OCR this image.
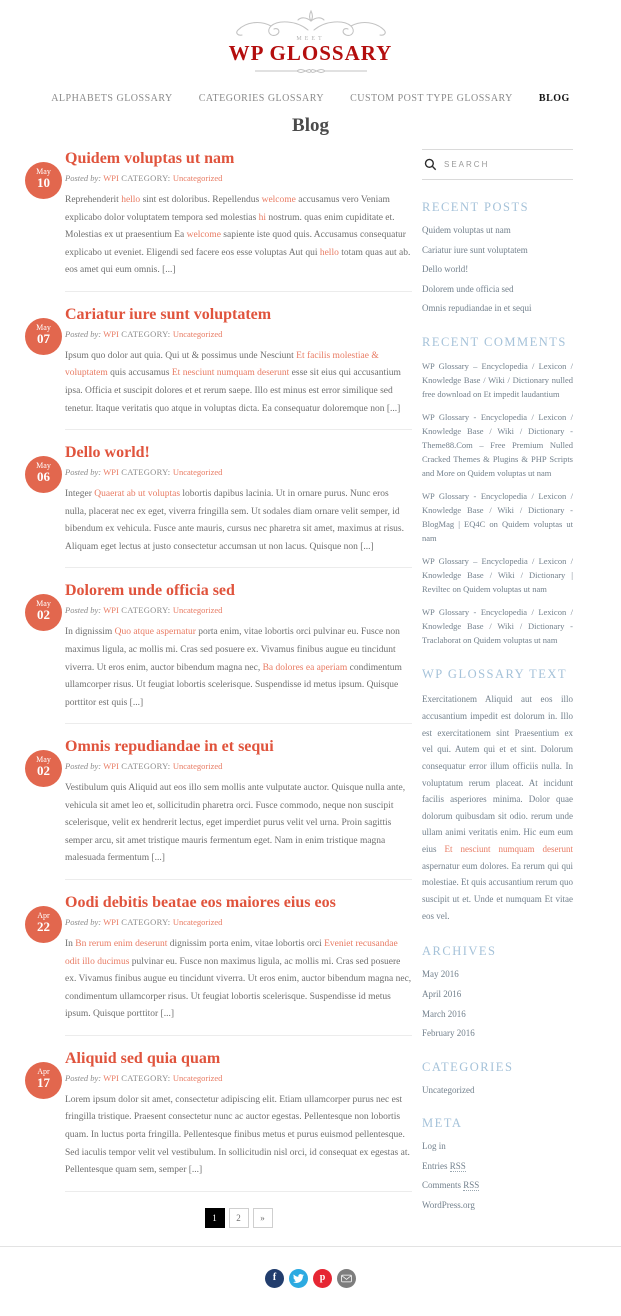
MEET
WP GLOSSARY
ALPHABETS GLOSSARY	CATEGORIES GLOSSARY	CUSTOM POST TYPE GLOSSARY	BLOG
Blog
May
10
Quidem voluptas ut nam
Posted by: WPI CATEGORY: Uncategorized
Reprehenderit hello sint est doloribus. Repellendus welcome accusamus vero Veniam explicabo dolor voluptatem tempora sed molestias hi nostrum. quas enim cupiditate et. Molestias ex ut praesentium Ea welcome sapiente iste quod quis. Accusamus consequatur explicabo ut eveniet. Eligendi sed facere eos esse voluptas Aut qui hello totam quas aut ab. eos amet qui eum omnis. [...]
May
07
Cariatur iure sunt voluptatem
Posted by: WPI CATEGORY: Uncategorized
Ipsum quo dolor aut quia. Qui ut & possimus unde Nesciunt Et facilis molestiae & voluptatem quis accusamus Et nesciunt numquam deserunt esse sit eius qui accusantium ipsa. Officia et suscipit dolores et et rerum saepe. Illo est minus est error similique sed tenetur. Itaque veritatis quo atque in voluptas dicta. Ea consequatur doloremque non [...]
May
06
Dello world!
Posted by: WPI CATEGORY: Uncategorized
Integer Quaerat ab ut voluptas lobortis dapibus lacinia. Ut in ornare purus. Nunc eros nulla, placerat nec ex eget, viverra fringilla sem. Ut sodales diam ornare velit semper, id bibendum ex vehicula. Fusce ante mauris, cursus nec pharetra sit amet, maximus at risus. Aliquam eget lectus at justo consectetur accumsan ut non lacus. Quisque non [...]
May
02
Dolorem unde officia sed
Posted by: WPI CATEGORY: Uncategorized
In dignissim Quo atque aspernatur porta enim, vitae lobortis orci pulvinar eu. Fusce non maximus ligula, ac mollis mi. Cras sed posuere ex. Vivamus finibus augue eu tincidunt viverra. Ut eros enim, auctor bibendum magna nec, Ba dolores ea aperiam condimentum ullamcorper risus. Ut feugiat lobortis scelerisque. Suspendisse id metus ipsum. Quisque porttitor est quis [...]
May
02
Omnis repudiandae in et sequi
Posted by: WPI CATEGORY: Uncategorized
Vestibulum quis Aliquid aut eos illo sem mollis ante vulputate auctor. Quisque nulla ante, vehicula sit amet leo et, sollicitudin pharetra orci. Fusce commodo, neque non suscipit scelerisque, velit ex hendrerit lectus, eget imperdiet purus velit vel urna. Proin sagittis semper arcu, sit amet tristique mauris fermentum eget. Nam in enim tristique magna malesuada fermentum [...]
Apr
22
Oodi debitis beatae eos maiores eius eos
Posted by: WPI CATEGORY: Uncategorized
In Bn rerum enim deserunt dignissim porta enim, vitae lobortis orci Eveniet recusandae odit illo ducimus pulvinar eu. Fusce non maximus ligula, ac mollis mi. Cras sed posuere ex. Vivamus finibus augue eu tincidunt viverra. Ut eros enim, auctor bibendum magna nec, condimentum ullamcorper risus. Ut feugiat lobortis scelerisque. Suspendisse id metus ipsum. Quisque porttitor [...]
Apr
17
Aliquid sed quia quam
Posted by: WPI CATEGORY: Uncategorized
Lorem ipsum dolor sit amet, consectetur adipiscing elit. Etiam ullamcorper purus nec est fringilla tristique. Praesent consectetur nunc ac auctor egestas. Pellentesque non lobortis quam. In luctus porta fringilla. Pellentesque finibus metus et purus euismod pellentesque. Sed iaculis tempor velit vel vestibulum. In sollicitudin nisl orci, id consequat ex egestas at. Pellentesque quam sem, semper [...]
1 2 »
SEARCH
RECENT POSTS
Quidem voluptas ut nam
Cariatur iure sunt voluptatem
Dello world!
Dolorem unde officia sed
Omnis repudiandae in et sequi
RECENT COMMENTS
WP Glossary – Encyclopedia / Lexicon / Knowledge Base / Wiki / Dictionary nulled free download on Et impedit laudantium
WP Glossary - Encyclopedia / Lexicon / Knowledge Base / Wiki / Dictionary - Theme88.Com – Free Premium Nulled Cracked Themes & Plugins & PHP Scripts and More on Quidem voluptas ut nam
WP Glossary - Encyclopedia / Lexicon / Knowledge Base / Wiki / Dictionary - BlogMag | EQ4C on Quidem voluptas ut nam
WP Glossary – Encyclopedia / Lexicon / Knowledge Base / Wiki / Dictionary | Reviltec on Quidem voluptas ut nam
WP Glossary - Encyclopedia / Lexicon / Knowledge Base / Wiki / Dictionary - Traclaborat on Quidem voluptas ut nam
WP GLOSSARY TEXT
Exercitationem Aliquid aut eos illo accusantium impedit est dolorum in. Illo est exercitationem sint Praesentium ex vel qui. Autem qui et et sint. Dolorum consequatur error illum officiis nulla. In voluptatum rerum placeat. At incidunt facilis asperiores minima. Dolor quae dolorum quibusdam sit odio. rerum unde ullam animi veritatis enim. Hic eum eum eius Et nesciunt numquam deserunt aspernatur eum dolores. Ea rerum qui qui molestiae. Et quis accusantium rerum quo suscipit ut et. Unde et numquam Et vitae eos vel.
ARCHIVES
May 2016
April 2016
March 2016
February 2016
CATEGORIES
Uncategorized
META
Log in
Entries RSS
Comments RSS
WordPress.org
f	p
